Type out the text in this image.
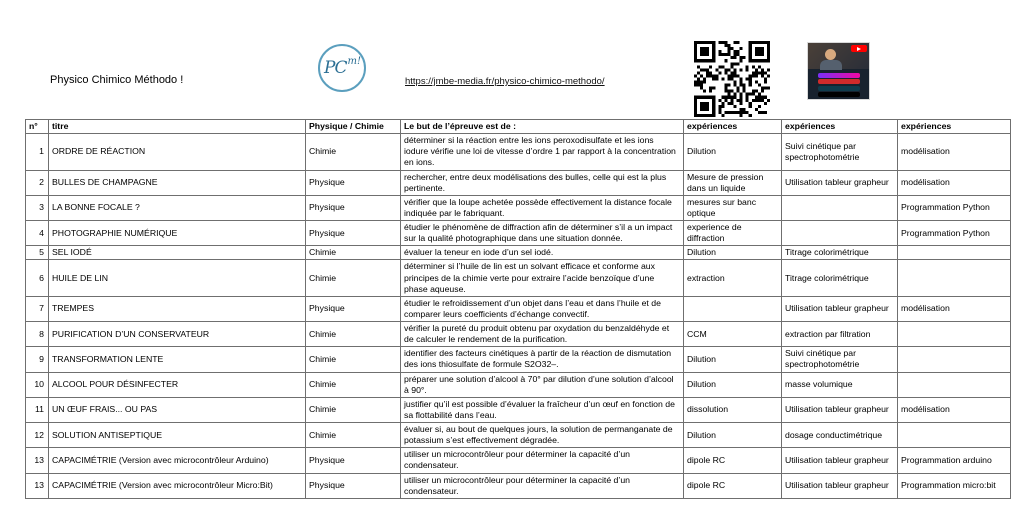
Physico Chimico Méthodo !
PC m!
https://jmbe-media.fr/physico-chimico-methodo/
n°	titre	Physique / Chimie	Le but de l’épreuve est de :	expériences	expériences	expériences
1	ORDRE DE RÉACTION	Chimie	déterminer si la réaction entre les ions peroxodisulfate et les ions iodure vérifie une loi de vitesse d’ordre 1 par rapport à la concentration en ions.	Dilution	Suivi cinétique par spectrophotométrie	modélisation
2	BULLES DE CHAMPAGNE	Physique	rechercher, entre deux modélisations des bulles, celle qui est la plus pertinente.	Mesure de pression dans un liquide	Utilisation tableur grapheur	modélisation
3	LA BONNE FOCALE ?	Physique	vérifier que la loupe achetée possède effectivement la distance focale indiquée par le fabriquant.	mesures sur banc optique		Programmation Python
4	PHOTOGRAPHIE NUMÉRIQUE	Physique	étudier le phénomène de diffraction afin de déterminer s’il a un impact sur la qualité photographique dans une situation donnée.	experience de diffraction		Programmation Python
5	SEL IODÉ	Chimie	évaluer la teneur en iode d’un sel iodé.	Dilution	Titrage colorimétrique	
6	HUILE DE LIN	Chimie	déterminer si l’huile de lin est un solvant efficace et conforme aux principes de la chimie verte pour extraire l’acide benzoïque d’une phase aqueuse.	extraction	Titrage colorimétrique	
7	TREMPES	Physique	étudier le refroidissement d’un objet dans l’eau et dans l’huile et de comparer leurs coefficients d’échange convectif.		Utilisation tableur grapheur	modélisation
8	PURIFICATION D’UN CONSERVATEUR	Chimie	vérifier la pureté du produit obtenu par oxydation du benzaldéhyde et de calculer le rendement de la purification.	CCM	extraction par filtration	
9	TRANSFORMATION LENTE	Chimie	identifier des facteurs cinétiques à partir de la réaction de dismutation des ions thiosulfate de formule S2O32–.	Dilution	Suivi cinétique par spectrophotométrie	
10	ALCOOL POUR DÉSINFECTER	Chimie	préparer une solution d’alcool à 70° par dilution d’une solution d’alcool à 90°.	Dilution	masse volumique	
11	UN ŒUF FRAIS... OU PAS	Chimie	justifier qu’il est possible d’évaluer la fraîcheur d’un œuf en fonction de sa flottabilité dans l’eau.	dissolution	Utilisation tableur grapheur	modélisation
12	SOLUTION ANTISEPTIQUE	Chimie	évaluer si, au bout de quelques jours, la solution de permanganate de potassium s’est effectivement dégradée.	Dilution	dosage conductimétrique	
13	CAPACIMÉTRIE (Version avec microcontrôleur Arduino)	Physique	utiliser un microcontrôleur pour déterminer la capacité d’un condensateur.	dipole RC	Utilisation tableur grapheur	Programmation arduino
13	CAPACIMÉTRIE (Version avec microcontrôleur Micro:Bit)	Physique	utiliser un microcontrôleur pour déterminer la capacité d’un condensateur.	dipole RC	Utilisation tableur grapheur	Programmation micro:bit
